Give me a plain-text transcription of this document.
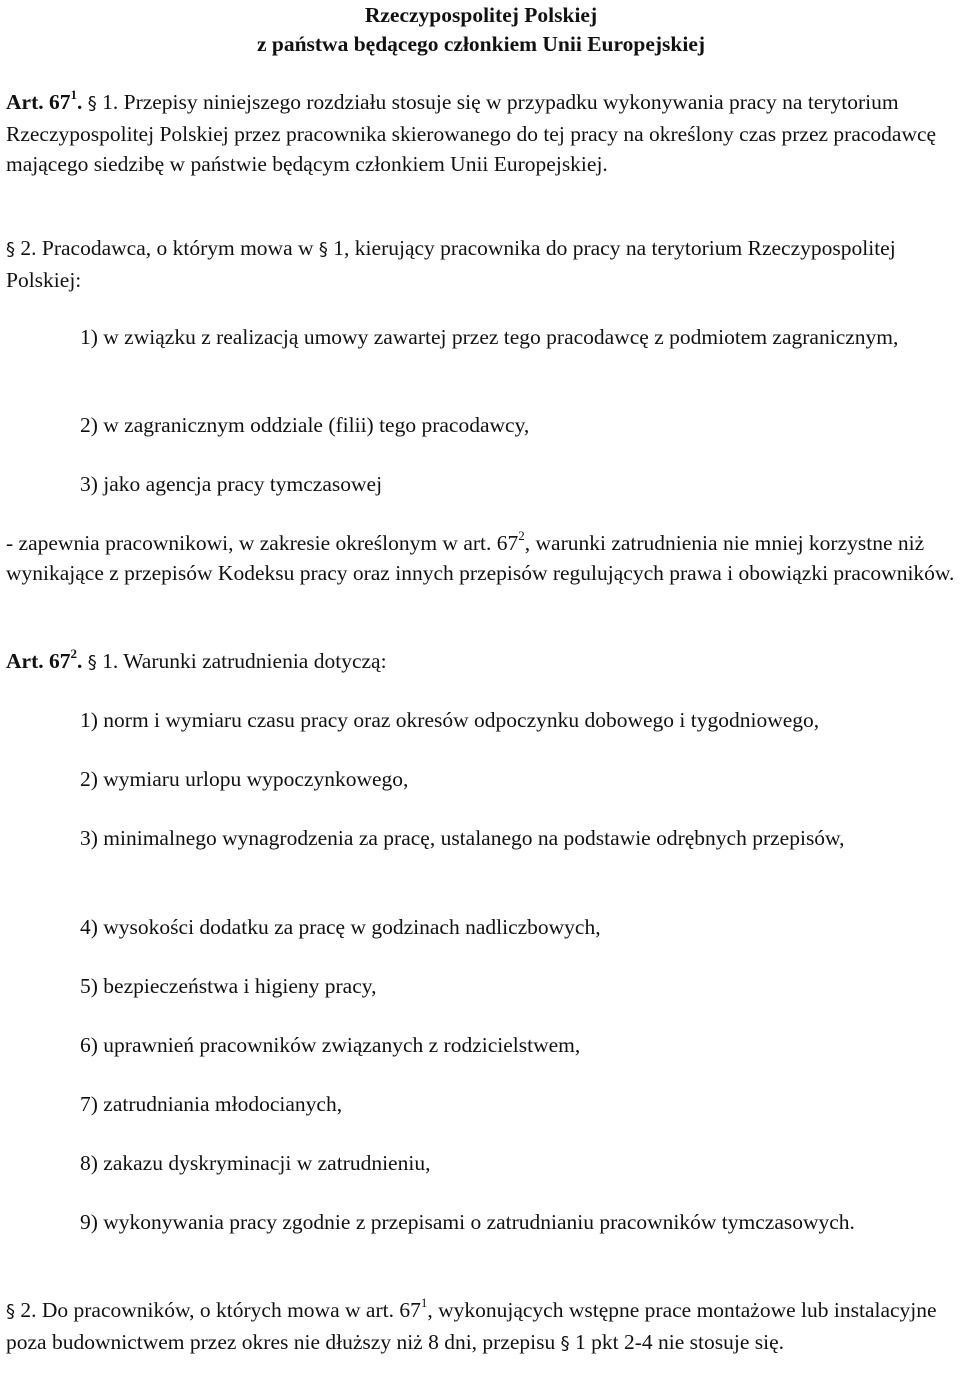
Rzeczypospolitej Polskiej

z państwa będącego członkiem Unii Europejskiej

Art. $67^1$. § 1. Przepisy niniejszego rozdziału stosuje się w przypadku wykonywania pracy na terytorium Rzeczypospolitej Polskiej przez pracownika skierowanego do tej pracy na określony czas przez pracodawcę mającego siedzibę w państwie będącym członkiem Unii Europejskiej.

§ 2. Pracodawca, o którym mowa w § 1, kierujący pracownika do pracy na terytorium Rzeczypospolitej Polskiej:

1) w związku z realizacją umowy zawartej przez tego pracodawcę z podmiotem zagranicznym,

2) w zagranicznym oddziale (filii) tego pracodawcy,

3) jako agencja pracy tymczasowej

- zapewnia pracownikowi, w zakresie określonym w art. $67^2$, warunki zatrudnienia nie mniej korzystne niż wynikające z przepisów Kodeksu pracy oraz innych przepisów regulujących prawa i obowiązki pracowników.

Art. $67^2$. § 1. Warunki zatrudnienia dotyczą:

1) norm i wymiaru czasu pracy oraz okresów odpoczynku dobowego i tygodniowego,

2) wymiaru urlopu wypoczynkowego,

3) minimalnego wynagrodzenia za pracę, ustalanego na podstawie odrębnych przepisów,

4) wysokości dodatku za pracę w godzinach nadliczbowych,

5) bezpieczeństwa i higieny pracy,

6) uprawnień pracowników związanych z rodzicielstwem,

7) zatrudniania młodocianych,

8) zakazu dyskryminacji w zatrudnieniu,

9) wykonywania pracy zgodnie z przepisami o zatrudnianiu pracowników tymczasowych.

§ 2. Do pracowników, o których mowa w art. $67^1$, wykonujących wstępne prace montażowe lub instalacyjne poza budownictwem przez okres nie dłuższy niż 8 dni, przepisu § 1 pkt 2-4 nie stosuje się.
